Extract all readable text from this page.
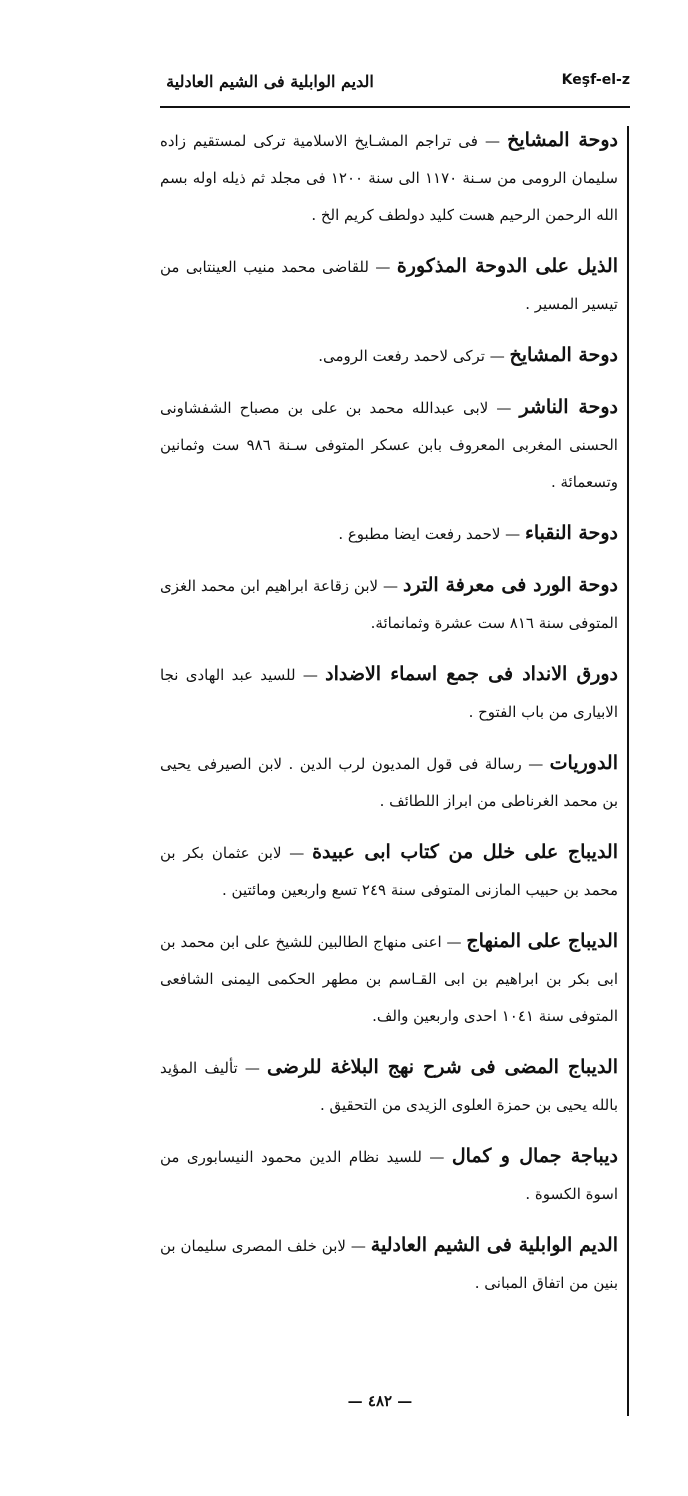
الديم الوابلية فى الشيم العادلية	Keşf-el-z

دوحة المشايخ — فى تراجم المشـايخ الاسلامية تركى لمستقيم زاده سليمان الرومى من سـنة ١١٧٠ الى سنة ١٢٠٠ فى مجلد ثم ذيله اوله بسم الله الرحمن الرحيم هست كليد دولطف كريم الخ .

الذيل على الدوحة المذكورة — للقاضى محمد منيب العينتابى من تيسير المسير .

دوحة المشايخ — تركى لاحمد رفعت الرومى.

دوحة الناشر — لابى عبدالله محمد بن على بن مصباح الشفشاونى الحسنى المغربى المعروف بابن عسكر المتوفى سـنة ٩٨٦ ست وثمانين وتسعمائة .

دوحة النقباء — لاحمد رفعت ايضا مطبوع .

دوحة الورد فى معرفة الترد — لابن زقاعة ابراهيم ابن محمد الغزى المتوفى سنة ٨١٦ ست عشرة وثمانمائة.

دورق الانداد فى جمع اسماء الاضداد — للسيد عبد الهادى نجا الابيارى من باب الفتوح .

الدوريات — رسالة فى قول المديون لرب الدين . لابن الصيرفى يحيى بن محمد الغرناطى من ابراز اللطائف .

الديباج على خلل من كتاب ابى عبيدة — لابن عثمان بكر بن محمد بن حبيب المازنى المتوفى سنة ٢٤٩ تسع واربعين ومائتين .

الديباج على المنهاج — اعنى منهاج الطالبين للشيخ على ابن محمد بن ابى بكر بن ابراهيم بن ابى القـاسم بن مطهر الحكمى اليمنى الشافعى المتوفى سنة ١٠٤١ احدى واربعين والف.

الديباج المضى فى شرح نهج البلاغة للرضى — تأليف المؤيد بالله يحيى بن حمزة العلوى الزيدى من التحقيق .

ديباجة جمال و كمال — للسيد نظام الدين محمود النيسابورى من اسوة الكسوة .

الديم الوابلية فى الشيم العادلية — لابن خلف المصرى سليمان بن بنين من اتفاق المبانى .

— ٤٨٢ —
